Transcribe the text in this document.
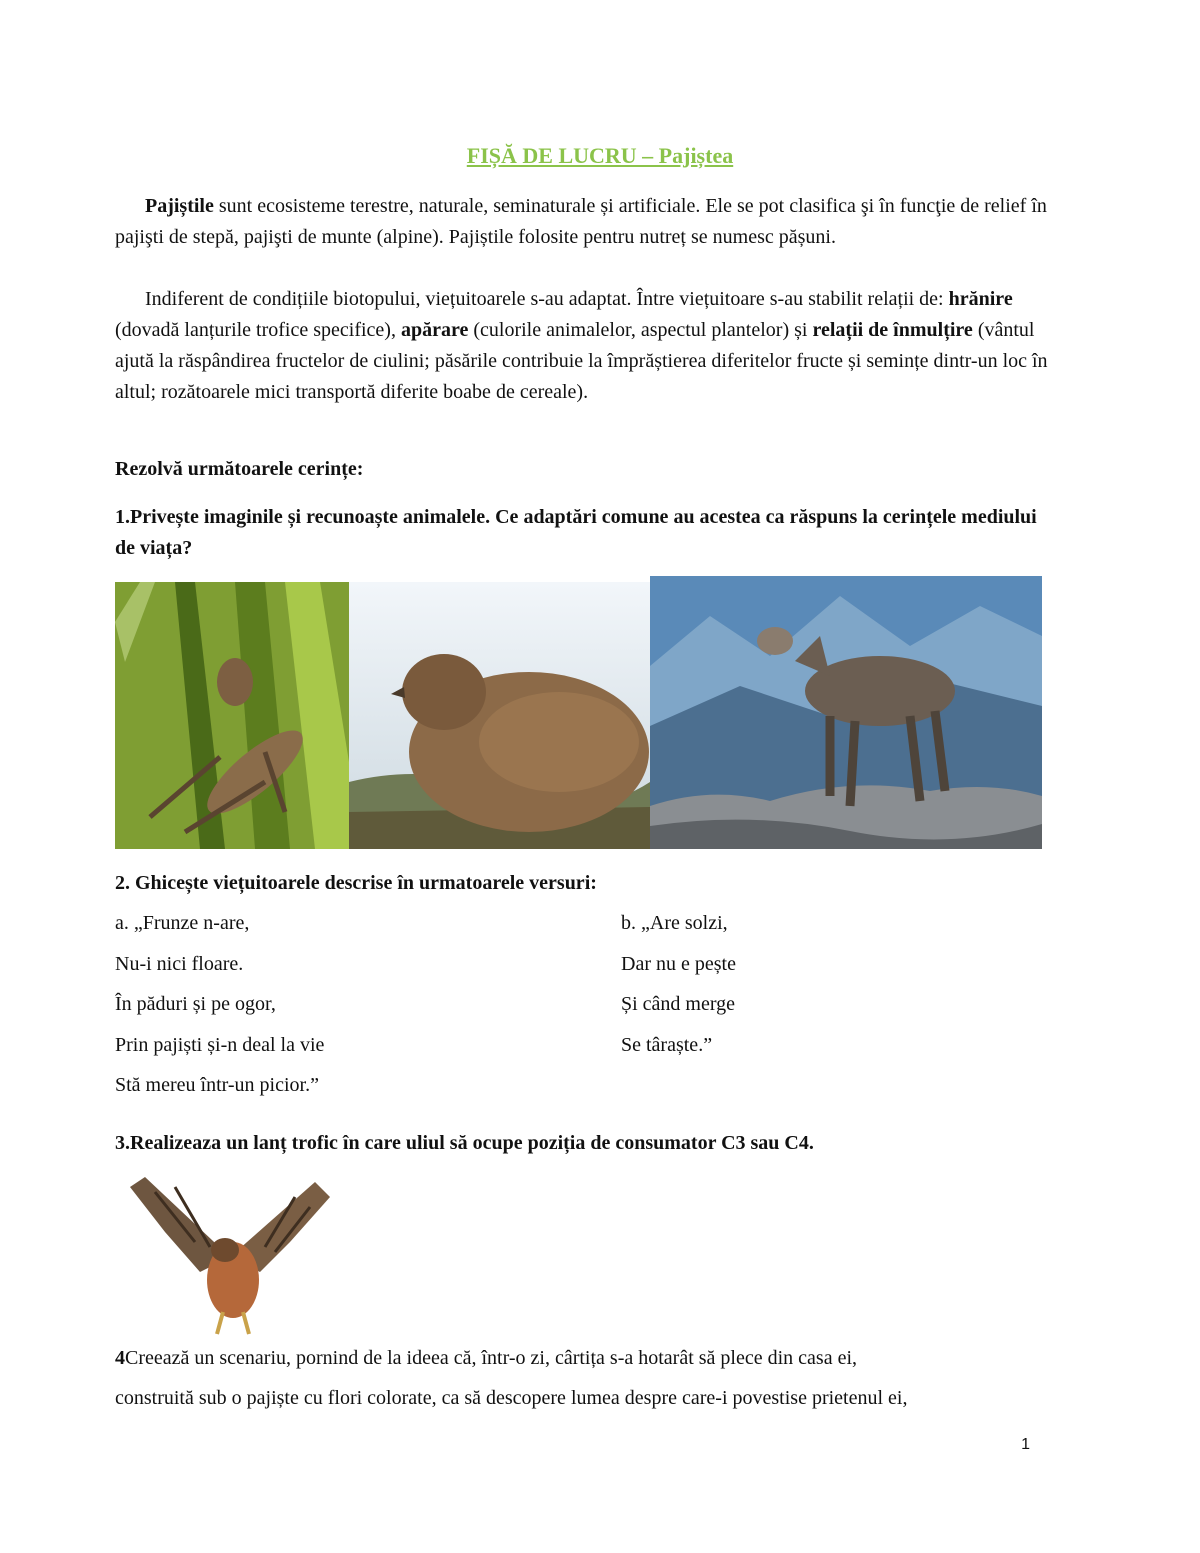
FIȘĂ DE LUCRU – Pajiștea
Pajiștile sunt ecosisteme terestre, naturale, seminaturale și artificiale. Ele se pot clasifica şi în funcţie de relief în pajişti de stepă, pajişti de munte (alpine). Pajiștile folosite pentru nutreț se numesc pășuni.
Indiferent de condițiile biotopului, viețuitoarele s-au adaptat. Între viețuitoare s-au stabilit relații de: hrănire (dovadă lanțurile trofice specifice), apărare (culorile animalelor, aspectul plantelor) și relații de înmulțire (vântul ajută la răspândirea fructelor de ciulini; păsările contribuie la împrăștierea diferitelor fructe și semințe dintr-un loc în altul; rozătoarele mici transportă diferite boabe de cereale).
Rezolvă următoarele cerințe:
1.Privește imaginile și recunoaște animalele. Ce adaptări comune au acestea ca răspuns la cerințele mediului de viața?
2. Ghicește viețuitoarele descrise în urmatoarele versuri:
a. „Frunze n-are,
Nu-i nici floare.
În păduri și pe ogor,
Prin pajiști și-n deal la vie
Stă mereu într-un picior.”
b. „Are solzi,
Dar nu e pește
Și când merge
Se târaște.”
3.Realizeaza un lanț trofic în care uliul să ocupe poziția de consumator C3 sau C4.
4Creează un scenariu, pornind de la ideea că, într-o zi, cârtița s-a hotarât să plece din casa ei,
construită sub o pajiște cu flori colorate, ca să descopere lumea despre care-i povestise prietenul ei,
1
